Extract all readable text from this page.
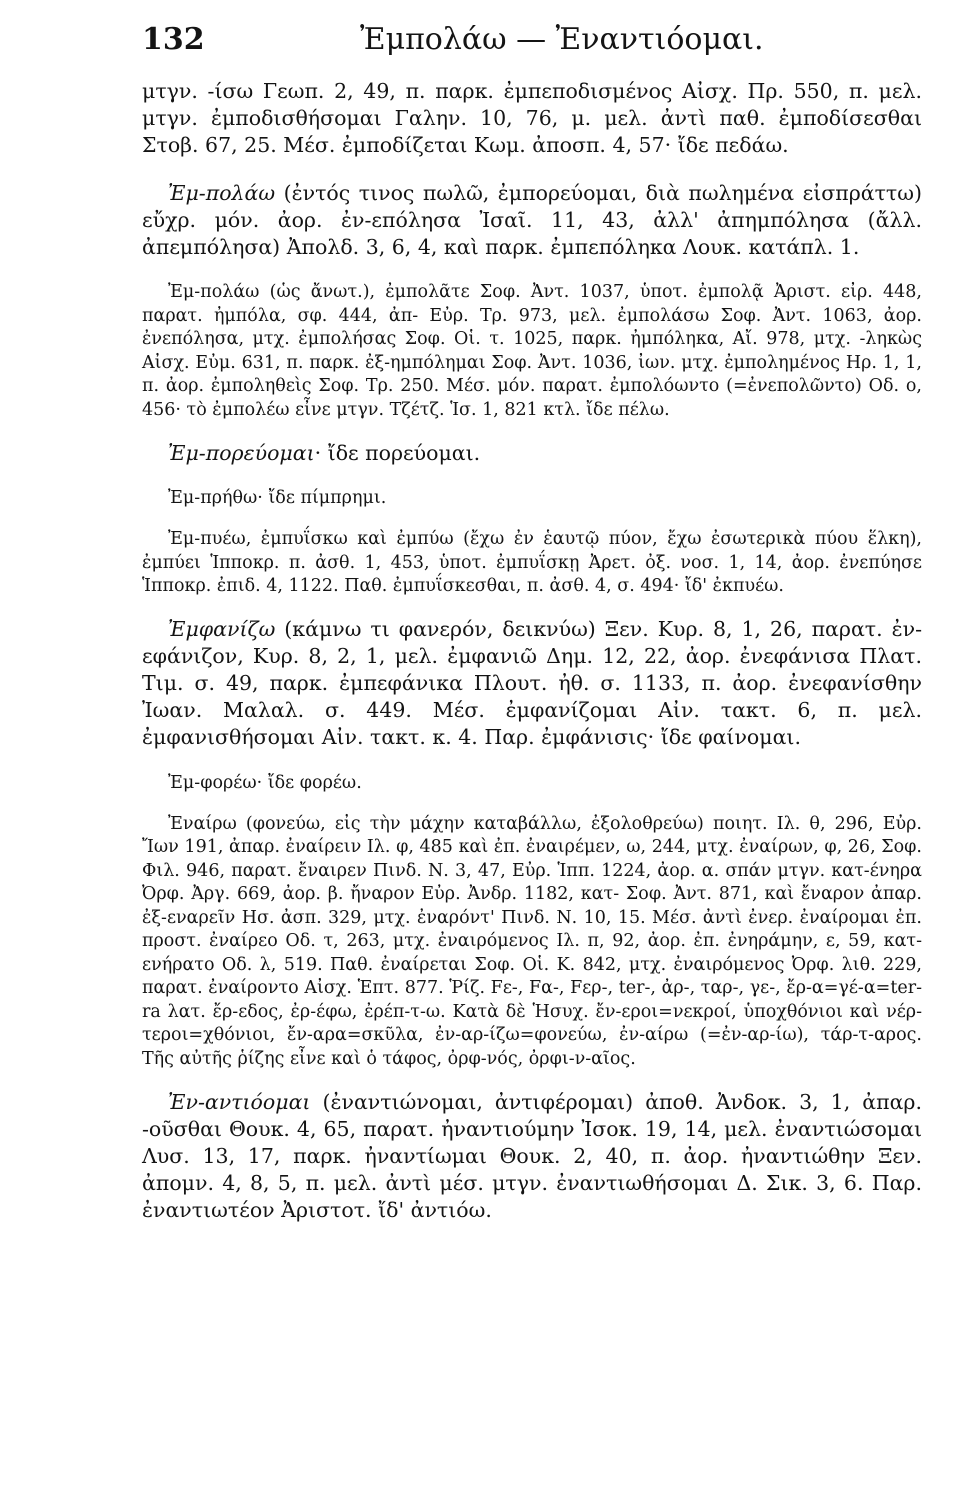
132	Ἐμπολάω — Ἐναντιόομαι.

μτγν. -ίσω Γεωπ. 2, 49, π. παρκ. ἐμπεποδισμένος Αἰσχ. Πρ. 550, π. μελ. μτγν. ἐμποδισθήσομαι Γαλην. 10, 76, μ. μελ. ἀντὶ παθ. ἐμποδίσεσθαι Στοβ. 67, 25. Μέσ. ἐμποδίζεται Κωμ. ἀποσπ. 4, 57· ἴδε πεδάω.

Ἐμ-πολάω (ἐντός τινος πωλῶ, ἐμπορεύομαι, διὰ πωλημένα εἰσπράττω) εὔχρ. μόν. ἀορ. ἐν-επόλησα Ἰσαῖ. 11, 43, ἀλλ' ἀπημπόλησα (ἄλλ. ἀπεμπόλησα) Ἀπολδ. 3, 6, 4, καὶ παρκ. ἐμπεπόληκα Λουκ. κατάπλ. 1.

Ἐμ-πολάω (ὡς ἄνωτ.), ἐμπολᾶτε Σοφ. Ἀντ. 1037, ὑποτ. ἐμπολᾷ Ἀριστ. εἰρ. 448, παρατ. ἠμπόλα, σφ. 444, ἀπ- Εὐρ. Τρ. 973, μελ. ἐμπολάσω Σοφ. Ἀντ. 1063, ἀορ. ἐνεπόλησα, μτχ. ἐμπολήσας Σοφ. Οἱ. τ. 1025, παρκ. ἠμπόληκα, Αἴ. 978, μτχ. -ληκὼς Αἰσχ. Εὐμ. 631, π. παρκ. ἐξ-ημπόλημαι Σοφ. Ἀντ. 1036, ἰων. μτχ. ἐμπολημένος Ηρ. 1, 1, π. ἀορ. ἐμποληθεὶς Σοφ. Τρ. 250. Μέσ. μόν. παρατ. ἐμπολόωντο (=ἐνεπολῶντο) Οδ. ο, 456· τὸ ἐμπολέω εἶνε μτγν. Τζέτζ. Ἱσ. 1, 821 κτλ. ἴδε πέλω.

Ἐμ-πορεύομαι· ἴδε πορεύομαι.

Ἐμ-πρήθω· ἴδε πίμπρημι.

Ἐμ-πυέω, ἐμπυΐσκω καὶ ἐμπύω (ἔχω ἐν ἑαυτῷ πύον, ἔχω ἐσωτερικὰ πύου ἕλκη), ἐμπύει Ἱπποκρ. π. ἀσθ. 1, 453, ὑποτ. ἐμπυΐσκῃ Ἀρετ. ὀξ. νοσ. 1, 14, ἀορ. ἐνεπύησε Ἱπποκρ. ἐπιδ. 4, 1122. Παθ. ἐμπυΐσκεσθαι, π. ἀσθ. 4, σ. 494· ἴδ' ἐκπυέω.

Ἐμφανίζω (κάμνω τι φανερόν, δεικνύω) Ξεν. Κυρ. 8, 1, 26, παρατ. ἐν-εφάνιζον, Κυρ. 8, 2, 1, μελ. ἐμφανιῶ Δημ. 12, 22, ἀορ. ἐνεφάνισα Πλατ. Τιμ. σ. 49, παρκ. ἐμπεφάνικα Πλουτ. ἠθ. σ. 1133, π. ἀορ. ἐνεφανίσθην Ἰωαν. Μαλαλ. σ. 449. Μέσ. ἐμφανίζομαι Αἰν. τακτ. 6, π. μελ. ἐμφανισθήσομαι Αἰν. τακτ. κ. 4. Παρ. ἐμφάνισις· ἴδε φαίνομαι.

Ἐμ-φορέω· ἴδε φορέω.

Ἐναίρω (φονεύω, εἰς τὴν μάχην καταβάλλω, ἐξολοθρεύω) ποιητ. Ιλ. θ, 296, Εὐρ. Ἴων 191, ἀπαρ. ἐναίρειν Ιλ. φ, 485 καὶ ἐπ. ἐναιρέμεν, ω, 244, μτχ. ἐναίρων, φ, 26, Σοφ. Φιλ. 946, παρατ. ἔναιρεν Πινδ. Ν. 3, 47, Εὐρ. Ἱππ. 1224, ἀορ. α. σπάν μτγν. κατ-ένηρα Ὀρφ. Ἀργ. 669, ἀορ. β. ἤναρον Εὐρ. Ἀνδρ. 1182, κατ- Σοφ. Ἀντ. 871, καὶ ἔναρον ἀπαρ. ἐξ-εναρεῖν Ησ. ἀσπ. 329, μτχ. ἐναρόντ' Πινδ. Ν. 10, 15. Μέσ. ἀντὶ ἐνερ. ἐναίρομαι ἐπ. προστ. ἐναίρεο Οδ. τ, 263, μτχ. ἐναιρόμενος Ιλ. π, 92, ἀορ. ἐπ. ἐνηράμην, ε, 59, κατ-ενήρατο Οδ. λ, 519. Παθ. ἐναίρεται Σοφ. Οἱ. Κ. 842, μτχ. ἐναιρόμενος Ὀρφ. λιθ. 229, παρατ. ἐναίροντο Αἰσχ. Ἑπτ. 877. Ῥίζ. Fε-, Fα-, Fερ-, ter-, ἀρ-, ταρ-, γε-, ἔρ-α=γέ-α=ter-ra λατ. ἔρ-εδος, ἐρ-έφω, ἐρέπ-τ-ω. Κατὰ δὲ Ἡσυχ. ἔν-εροι=νεκροί, ὑποχθόνιοι καὶ νέρ-τεροι=χθόνιοι, ἔν-αρα=σκῦλα, ἐν-αρ-ίζω=φονεύω, ἐν-αίρω (=ἐν-αρ-ίω), τάρ-τ-αρος. Τῆς αὐτῆς ῥίζης εἶνε καὶ ὁ τάφος, ὀρφ-νός, ὀρφι-ν-αῖος.

Ἐν-αντιόομαι (ἐναντιώνομαι, ἀντιφέρομαι) ἀποθ. Ἀνδοκ. 3, 1, ἀπαρ. -οῦσθαι Θουκ. 4, 65, παρατ. ἠναντιούμην Ἰσοκ. 19, 14, μελ. ἐναντιώσομαι Λυσ. 13, 17, παρκ. ἠναντίωμαι Θουκ. 2, 40, π. ἀορ. ἠναντιώθην Ξεν. ἀπομν. 4, 8, 5, π. μελ. ἀντὶ μέσ. μτγν. ἐναντιωθήσομαι Δ. Σικ. 3, 6. Παρ. ἐναντιωτέον Ἀριστοτ. ἴδ' ἀντιόω.
